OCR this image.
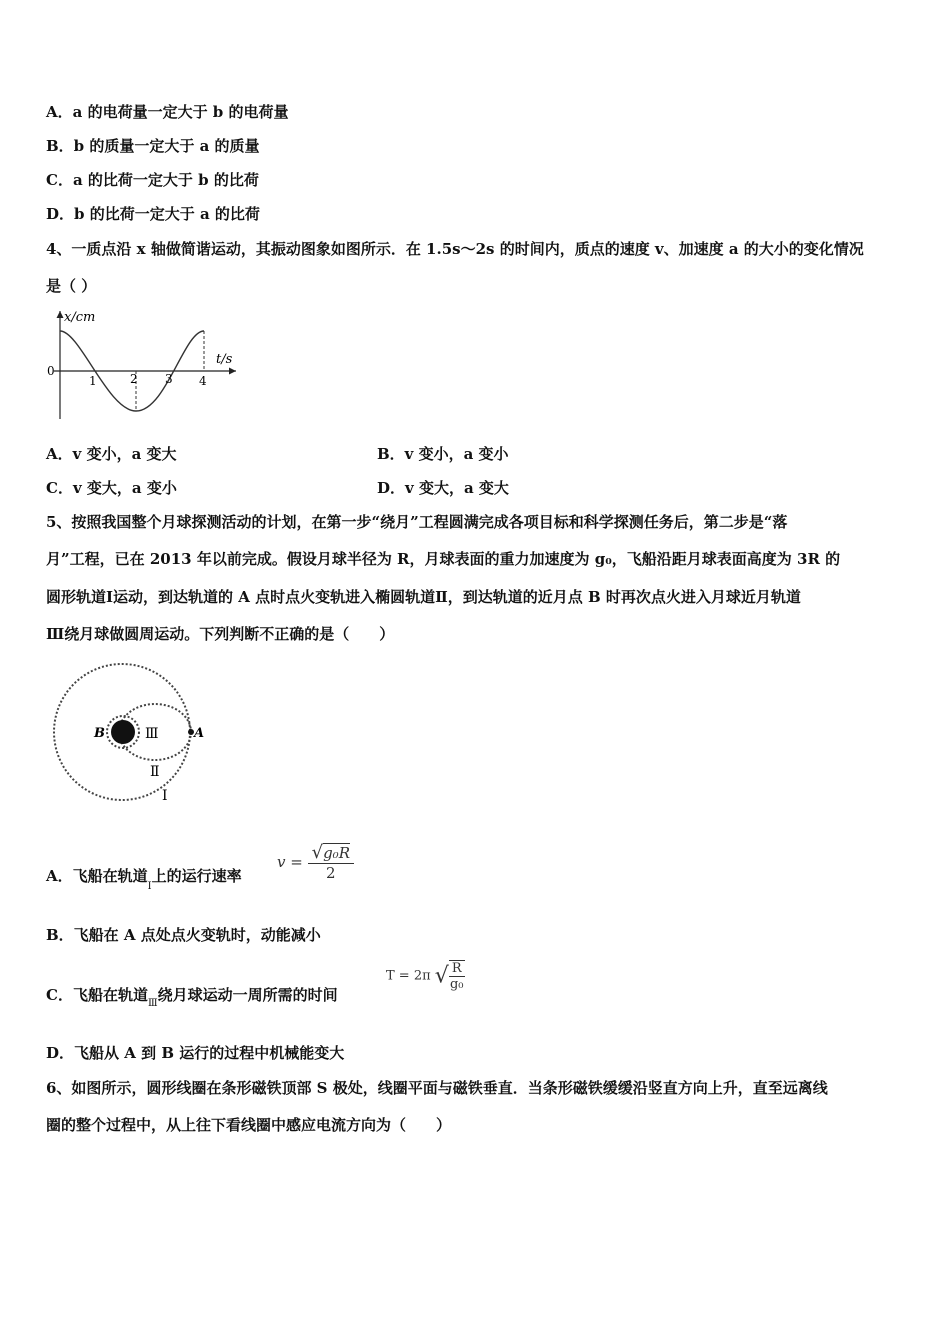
A．a 的电荷量一定大于 b 的电荷量
B．b 的质量一定大于 a 的质量
C．a 的比荷一定大于 b 的比荷
D．b 的比荷一定大于 a 的比荷
4、一质点沿 x 轴做简谐运动，其振动图象如图所示．在 1.5s～2s 的时间内，质点的速度 v、加速度 a 的大小的变化情况
是（ ）
x/cm
t/s
0
1	2 3 4
A．v 变小，a 变大	B．v 变小，a 变小
C．v 变大，a 变小	D．v 变大，a 变大
5、按照我国整个月球探测活动的计划，在第一步“绕月”工程圆满完成各项目标和科学探测任务后，第二步是“落
月”工程，已在 2013 年以前完成。假设月球半径为 R，月球表面的重力加速度为 g₀，飞船沿距月球表面高度为 3R 的
圆形轨道Ⅰ运动，到达轨道的 A 点时点火变轨进入椭圆轨道Ⅱ，到达轨道的近月点 B 时再次点火进入月球近月轨道
Ⅲ绕月球做圆周运动。下列判断不正确的是（　　）
B	A
Ⅲ
Ⅱ
Ⅰ
A．飞船在轨道$_Ⅰ$上的运行速率
$v = \frac{\text{√g₀R}}{2}$
B．飞船在 A 点处点火变轨时，动能减小
C．飞船在轨道$_Ⅲ$绕月球运动一周所需的时间
T = 2π √ $\frac{R}{\text{g₀}}$
D．飞船从 A 到 B 运行的过程中机械能变大
6、如图所示，圆形线圈在条形磁铁顶部 S 极处，线圈平面与磁铁垂直．当条形磁铁缓缓沿竖直方向上升，直至远离线
圈的整个过程中，从上往下看线圈中感应电流方向为（　　）
